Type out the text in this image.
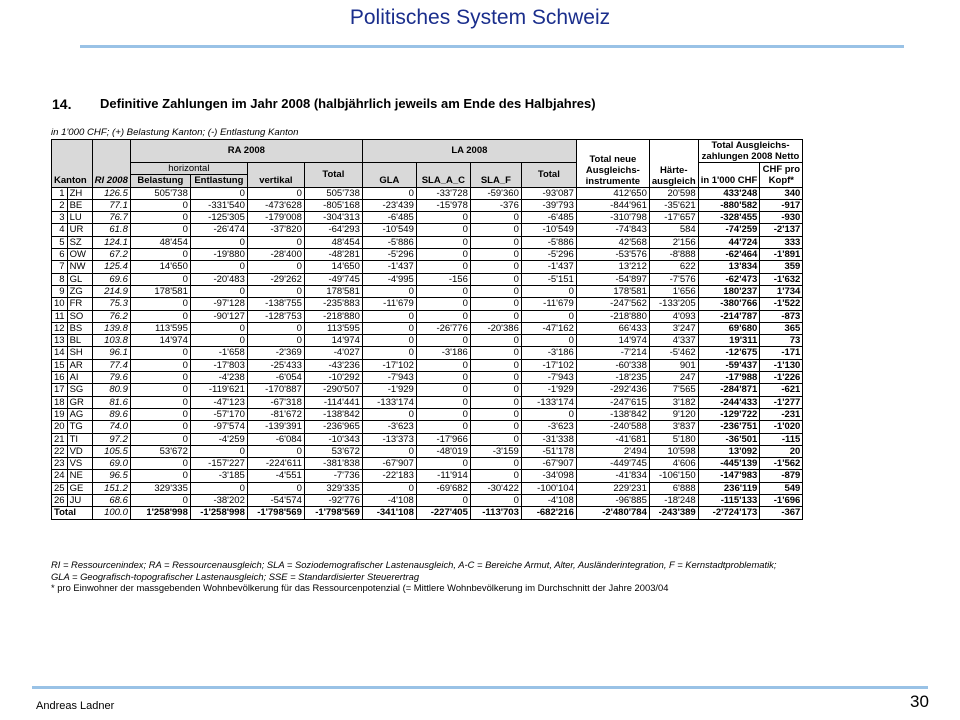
Politisches System Schweiz
14. Definitive Zahlungen im Jahr 2008 (halbjährlich jeweils am Ende des Halbjahres)
in 1'000 CHF; (+) Belastung Kanton; (-) Entlastung Kanton
Kanton		RI 2008	RA 2008				LA 2008				Total neue Ausgleichs-instrumente	Härte-ausgleich	Total Ausgleichs-zahlungen 2008 Netto	
			horizontal		vertikal	Total	GLA	SLA_A_C	SLA_F	Total			in 1'000 CHF	CHF pro Kopf*
			Belastung	Entlastung										
1	ZH	126.5	505'738	0	0	505'738	0	-33'728	-59'360	-93'087	412'650	20'598	433'248	340
2	BE	77.1	0	-331'540	-473'628	-805'168	-23'439	-15'978	-376	-39'793	-844'961	-35'621	-880'582	-917
3	LU	76.7	0	-125'305	-179'008	-304'313	-6'485	0	0	-6'485	-310'798	-17'657	-328'455	-930
4	UR	61.8	0	-26'474	-37'820	-64'293	-10'549	0	0	-10'549	-74'843	584	-74'259	-2'137
5	SZ	124.1	48'454	0	0	48'454	-5'886	0	0	-5'886	42'568	2'156	44'724	333
6	OW	67.2	0	-19'880	-28'400	-48'281	-5'296	0	0	-5'296	-53'576	-8'888	-62'464	-1'891
7	NW	125.4	14'650	0	0	14'650	-1'437	0	0	-1'437	13'212	622	13'834	359
8	GL	69.6	0	-20'483	-29'262	-49'745	-4'995	-156	0	-5'151	-54'897	-7'576	-62'473	-1'632
9	ZG	214.9	178'581	0	0	178'581	0	0	0	0	178'581	1'656	180'237	1'734
10	FR	75.3	0	-97'128	-138'755	-235'883	-11'679	0	0	-11'679	-247'562	-133'205	-380'766	-1'522
11	SO	76.2	0	-90'127	-128'753	-218'880	0	0	0	0	-218'880	4'093	-214'787	-873
12	BS	139.8	113'595	0	0	113'595	0	-26'776	-20'386	-47'162	66'433	3'247	69'680	365
13	BL	103.8	14'974	0	0	14'974	0	0	0	0	14'974	4'337	19'311	73
14	SH	96.1	0	-1'658	-2'369	-4'027	0	-3'186	0	-3'186	-7'214	-5'462	-12'675	-171
15	AR	77.4	0	-17'803	-25'433	-43'236	-17'102	0	0	-17'102	-60'338	901	-59'437	-1'130
16	AI	79.6	0	-4'238	-6'054	-10'292	-7'943	0	0	-7'943	-18'235	247	-17'988	-1'226
17	SG	80.9	0	-119'621	-170'887	-290'507	-1'929	0	0	-1'929	-292'436	7'565	-284'871	-621
18	GR	81.6	0	-47'123	-67'318	-114'441	-133'174	0	0	-133'174	-247'615	3'182	-244'433	-1'277
19	AG	89.6	0	-57'170	-81'672	-138'842	0	0	0	0	-138'842	9'120	-129'722	-231
20	TG	74.0	0	-97'574	-139'391	-236'965	-3'623	0	0	-3'623	-240'588	3'837	-236'751	-1'020
21	TI	97.2	0	-4'259	-6'084	-10'343	-13'373	-17'966	0	-31'338	-41'681	5'180	-36'501	-115
22	VD	105.5	53'672	0	0	53'672	0	-48'019	-3'159	-51'178	2'494	10'598	13'092	20
23	VS	69.0	0	-157'227	-224'611	-381'838	-67'907	0	0	-67'907	-449'745	4'606	-445'139	-1'562
24	NE	96.5	0	-3'185	-4'551	-7'736	-22'183	-11'914	0	-34'098	-41'834	-106'150	-147'983	-879
25	GE	151.2	329'335	0	0	329'335	0	-69'682	-30'422	-100'104	229'231	6'888	236'119	549
26	JU	68.6	0	-38'202	-54'574	-92'776	-4'108	0	0	-4'108	-96'885	-18'248	-115'133	-1'696
Total		100.0	1'258'998	-1'258'998	-1'798'569	-1'798'569	-341'108	-227'405	-113'703	-682'216	-2'480'784	-243'389	-2'724'173	-367
RI = Ressourcenindex; RA = Ressourcenausgleich; SLA = Soziodemografischer Lastenausgleich, A-C = Bereiche Armut, Alter, Ausländerintegration, F = Kernstadtproblematik;
GLA = Geografisch-topografischer Lastenausgleich; SSE = Standardisierter Steuerertrag
* pro Einwohner der massgebenden Wohnbevölkerung für das Ressourcenpotenzial (= Mittlere Wohnbevölkerung im Durchschnitt der Jahre 2003/04
Andreas Ladner	30
